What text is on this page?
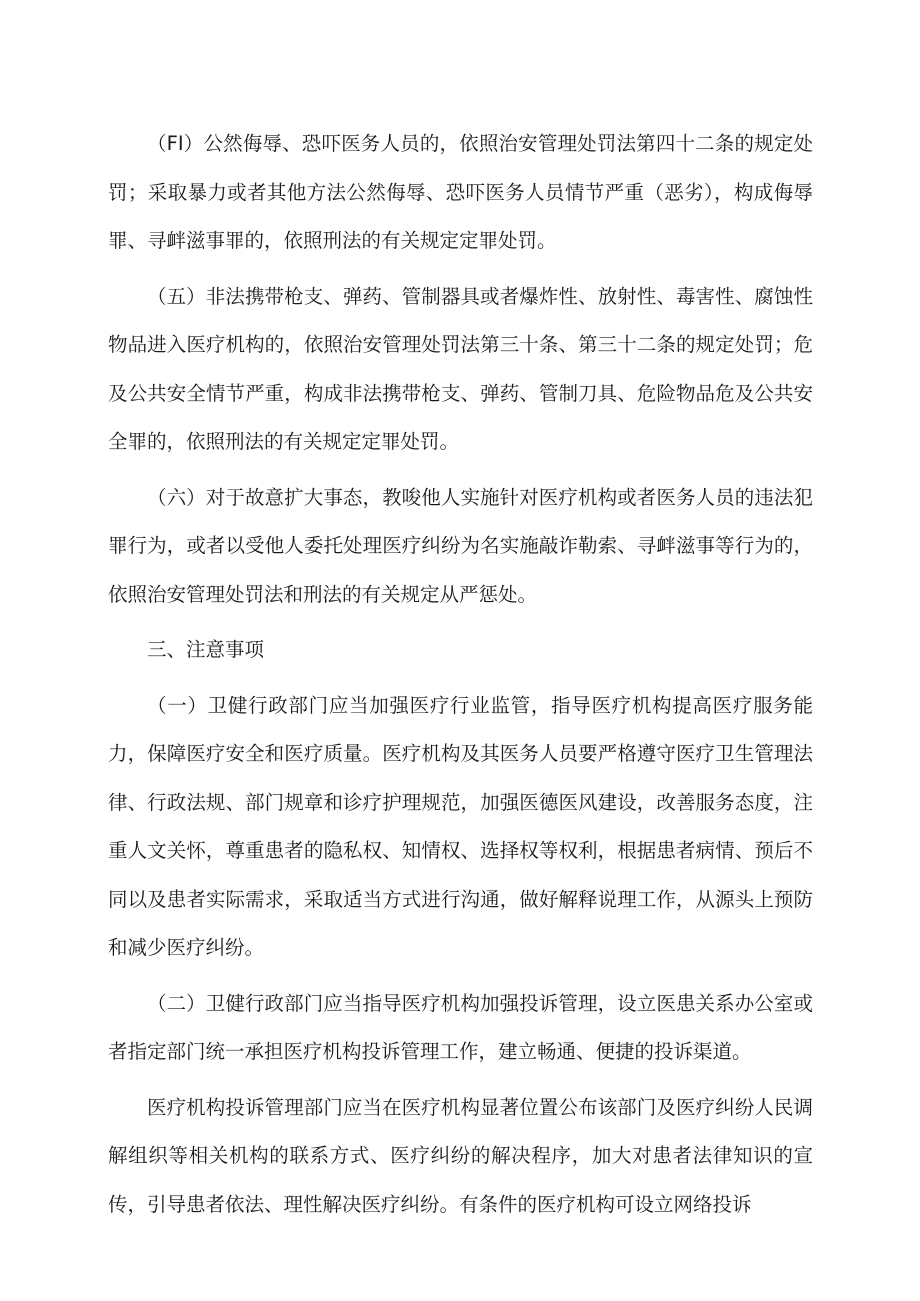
（FI）公然侮辱、恐吓医务人员的，依照治安管理处罚法第四十二条的规定处罚；采取暴力或者其他方法公然侮辱、恐吓医务人员情节严重（恶劣），构成侮辱罪、寻衅滋事罪的，依照刑法的有关规定定罪处罚。

（五）非法携带枪支、弹药、管制器具或者爆炸性、放射性、毒害性、腐蚀性物品进入医疗机构的，依照治安管理处罚法第三十条、第三十二条的规定处罚；危及公共安全情节严重，构成非法携带枪支、弹药、管制刀具、危险物品危及公共安全罪的，依照刑法的有关规定定罪处罚。

（六）对于故意扩大事态，教唆他人实施针对医疗机构或者医务人员的违法犯罪行为，或者以受他人委托处理医疗纠纷为名实施敲诈勒索、寻衅滋事等行为的，依照治安管理处罚法和刑法的有关规定从严惩处。

三、注意事项

（一）卫健行政部门应当加强医疗行业监管，指导医疗机构提高医疗服务能力，保障医疗安全和医疗质量。医疗机构及其医务人员要严格遵守医疗卫生管理法律、行政法规、部门规章和诊疗护理规范，加强医德医风建设，改善服务态度，注重人文关怀，尊重患者的隐私权、知情权、选择权等权利，根据患者病情、预后不同以及患者实际需求，采取适当方式进行沟通，做好解释说理工作，从源头上预防和减少医疗纠纷。

（二）卫健行政部门应当指导医疗机构加强投诉管理，设立医患关系办公室或者指定部门统一承担医疗机构投诉管理工作，建立畅通、便捷的投诉渠道。

医疗机构投诉管理部门应当在医疗机构显著位置公布该部门及医疗纠纷人民调解组织等相关机构的联系方式、医疗纠纷的解决程序，加大对患者法律知识的宣传，引导患者依法、理性解决医疗纠纷。有条件的医疗机构可设立网络投诉
